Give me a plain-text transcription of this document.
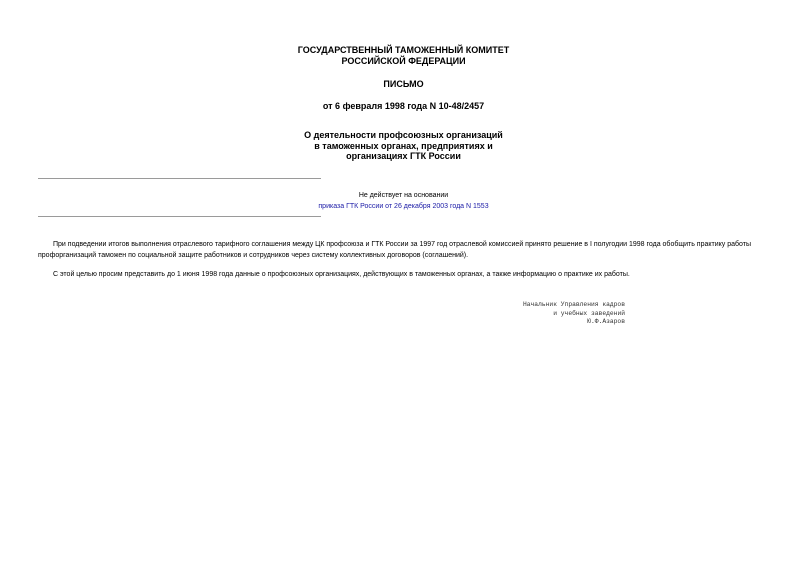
ГОСУДАРСТВЕННЫЙ ТАМОЖЕННЫЙ КОМИТЕТ
РОССИЙСКОЙ ФЕДЕРАЦИИ
ПИСЬМО
от 6 февраля 1998 года N 10-48/2457
О деятельности профсоюзных организаций
в таможенных органах, предприятиях и
организациях ГТК России
Не действует на основании
приказа ГТК России от 26 декабря 2003 года N 1553
При подведении итогов выполнения отраслевого тарифного соглашения между ЦК профсоюза и ГТК России за 1997 год отраслевой комиссией принято решение в I полугодии 1998 года обобщить практику работы профорганизаций таможен по социальной защите работников и сотрудников через систему коллективных договоров (соглашений).
С этой целью просим представить до 1 июня 1998 года данные о профсоюзных организациях, действующих в таможенных органах, а также информацию о практике их работы.
Начальник Управления кадров
и учебных заведений
Ю.Ф.Азаров
